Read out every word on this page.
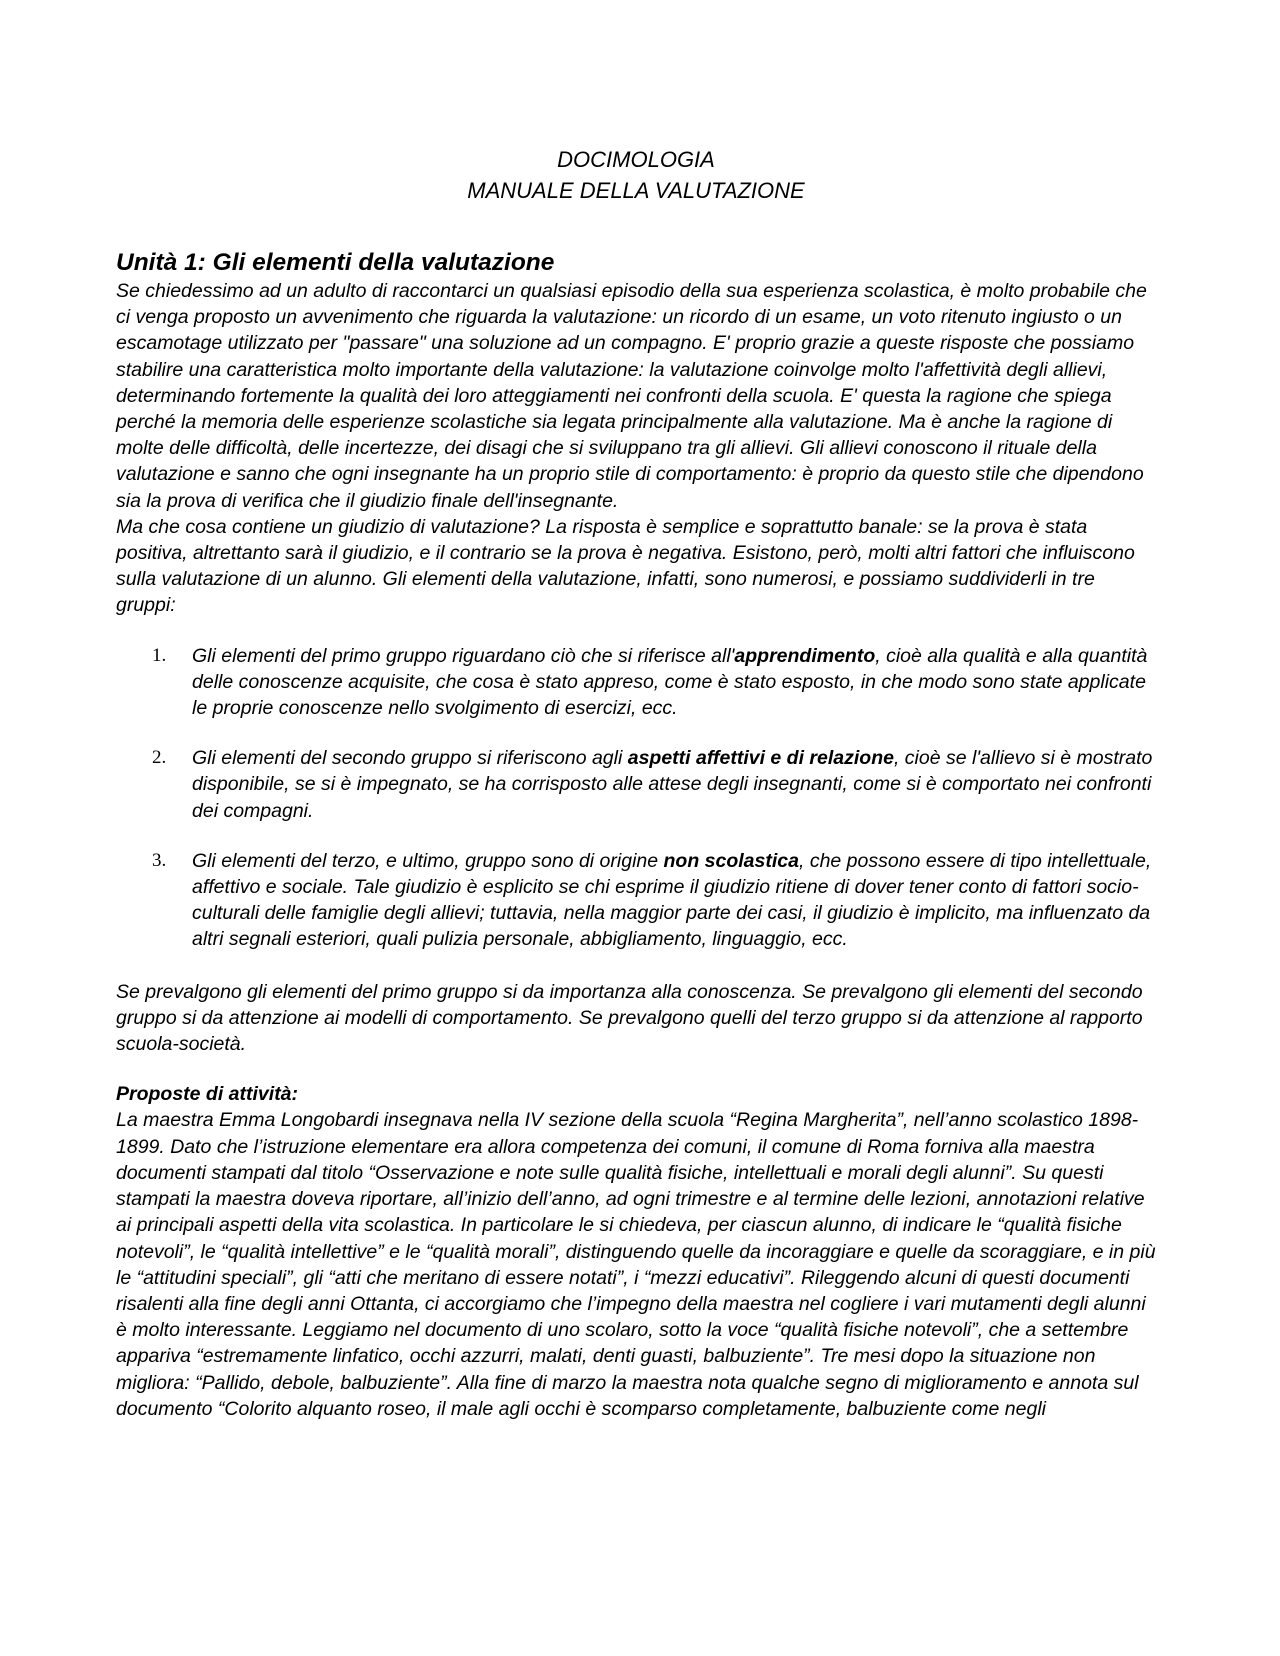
DOCIMOLOGIA
MANUALE DELLA VALUTAZIONE
Unità 1: Gli elementi della valutazione

Se chiedessimo ad un adulto di raccontarci un qualsiasi episodio della sua esperienza scolastica, è molto probabile che ci venga proposto un avvenimento che riguarda la valutazione: un ricordo di un esame, un voto ritenuto ingiusto o un escamotage utilizzato per "passare" una soluzione ad un compagno. E' proprio grazie a queste risposte che possiamo stabilire una caratteristica molto importante della valutazione: la valutazione coinvolge molto l'affettività degli allievi, determinando fortemente la qualità dei loro atteggiamenti nei confronti della scuola. E' questa la ragione che spiega perché la memoria delle esperienze scolastiche sia legata principalmente alla valutazione. Ma è anche la ragione di molte delle difficoltà, delle incertezze, dei disagi che si sviluppano tra gli allievi. Gli allievi conoscono il rituale della valutazione e sanno che ogni insegnante ha un proprio stile di comportamento: è proprio da questo stile che dipendono sia la prova di verifica che il giudizio finale dell'insegnante.

Ma che cosa contiene un giudizio di valutazione? La risposta è semplice e soprattutto banale: se la prova è stata positiva, altrettanto sarà il giudizio, e il contrario se la prova è negativa. Esistono, però, molti altri fattori che influiscono sulla valutazione di un alunno. Gli elementi della valutazione, infatti, sono numerosi, e possiamo suddividerli in tre gruppi:

1. Gli elementi del primo gruppo riguardano ciò che si riferisce all'apprendimento, cioè alla qualità e alla quantità delle conoscenze acquisite, che cosa è stato appreso, come è stato esposto, in che modo sono state applicate le proprie conoscenze nello svolgimento di esercizi, ecc.
2. Gli elementi del secondo gruppo si riferiscono agli aspetti affettivi e di relazione, cioè se l'allievo si è mostrato disponibile, se si è impegnato, se ha corrisposto alle attese degli insegnanti, come si è comportato nei confronti dei compagni.
3. Gli elementi del terzo, e ultimo, gruppo sono di origine non scolastica, che possono essere di tipo intellettuale, affettivo e sociale. Tale giudizio è esplicito se chi esprime il giudizio ritiene di dover tener conto di fattori socio-culturali delle famiglie degli allievi; tuttavia, nella maggior parte dei casi, il giudizio è implicito, ma influenzato da altri segnali esteriori, quali pulizia personale, abbigliamento, linguaggio, ecc.

Se prevalgono gli elementi del primo gruppo si da importanza alla conoscenza. Se prevalgono gli elementi del secondo gruppo si da attenzione ai modelli di comportamento. Se prevalgono quelli del terzo gruppo si da attenzione al rapporto scuola-società.

Proposte di attività:

La maestra Emma Longobardi insegnava nella IV sezione della scuola “Regina Margherita”, nell’anno scolastico 1898-1899. Dato che l’istruzione elementare era allora competenza dei comuni, il comune di Roma forniva alla maestra documenti stampati dal titolo “Osservazione e note sulle qualità fisiche, intellettuali e morali degli alunni”. Su questi stampati la maestra doveva riportare, all’inizio dell’anno, ad ogni trimestre e al termine delle lezioni, annotazioni relative ai principali aspetti della vita scolastica. In particolare le si chiedeva, per ciascun alunno, di indicare le “qualità fisiche notevoli”, le “qualità intellettive” e le “qualità morali”, distinguendo quelle da incoraggiare e quelle da scoraggiare, e in più le “attitudini speciali”, gli “atti che meritano di essere notati”, i “mezzi educativi”. Rileggendo alcuni di questi documenti risalenti alla fine degli anni Ottanta, ci accorgiamo che l’impegno della maestra nel cogliere i vari mutamenti degli alunni è molto interessante. Leggiamo nel documento di uno scolaro, sotto la voce “qualità fisiche notevoli”, che a settembre appariva “estremamente linfatico, occhi azzurri, malati, denti guasti, balbuziente”. Tre mesi dopo la situazione non migliora: “Pallido, debole, balbuziente”. Alla fine di marzo la maestra nota qualche segno di miglioramento e annota sul documento “Colorito alquanto roseo, il male agli occhi è scomparso completamente, balbuziente come negli
